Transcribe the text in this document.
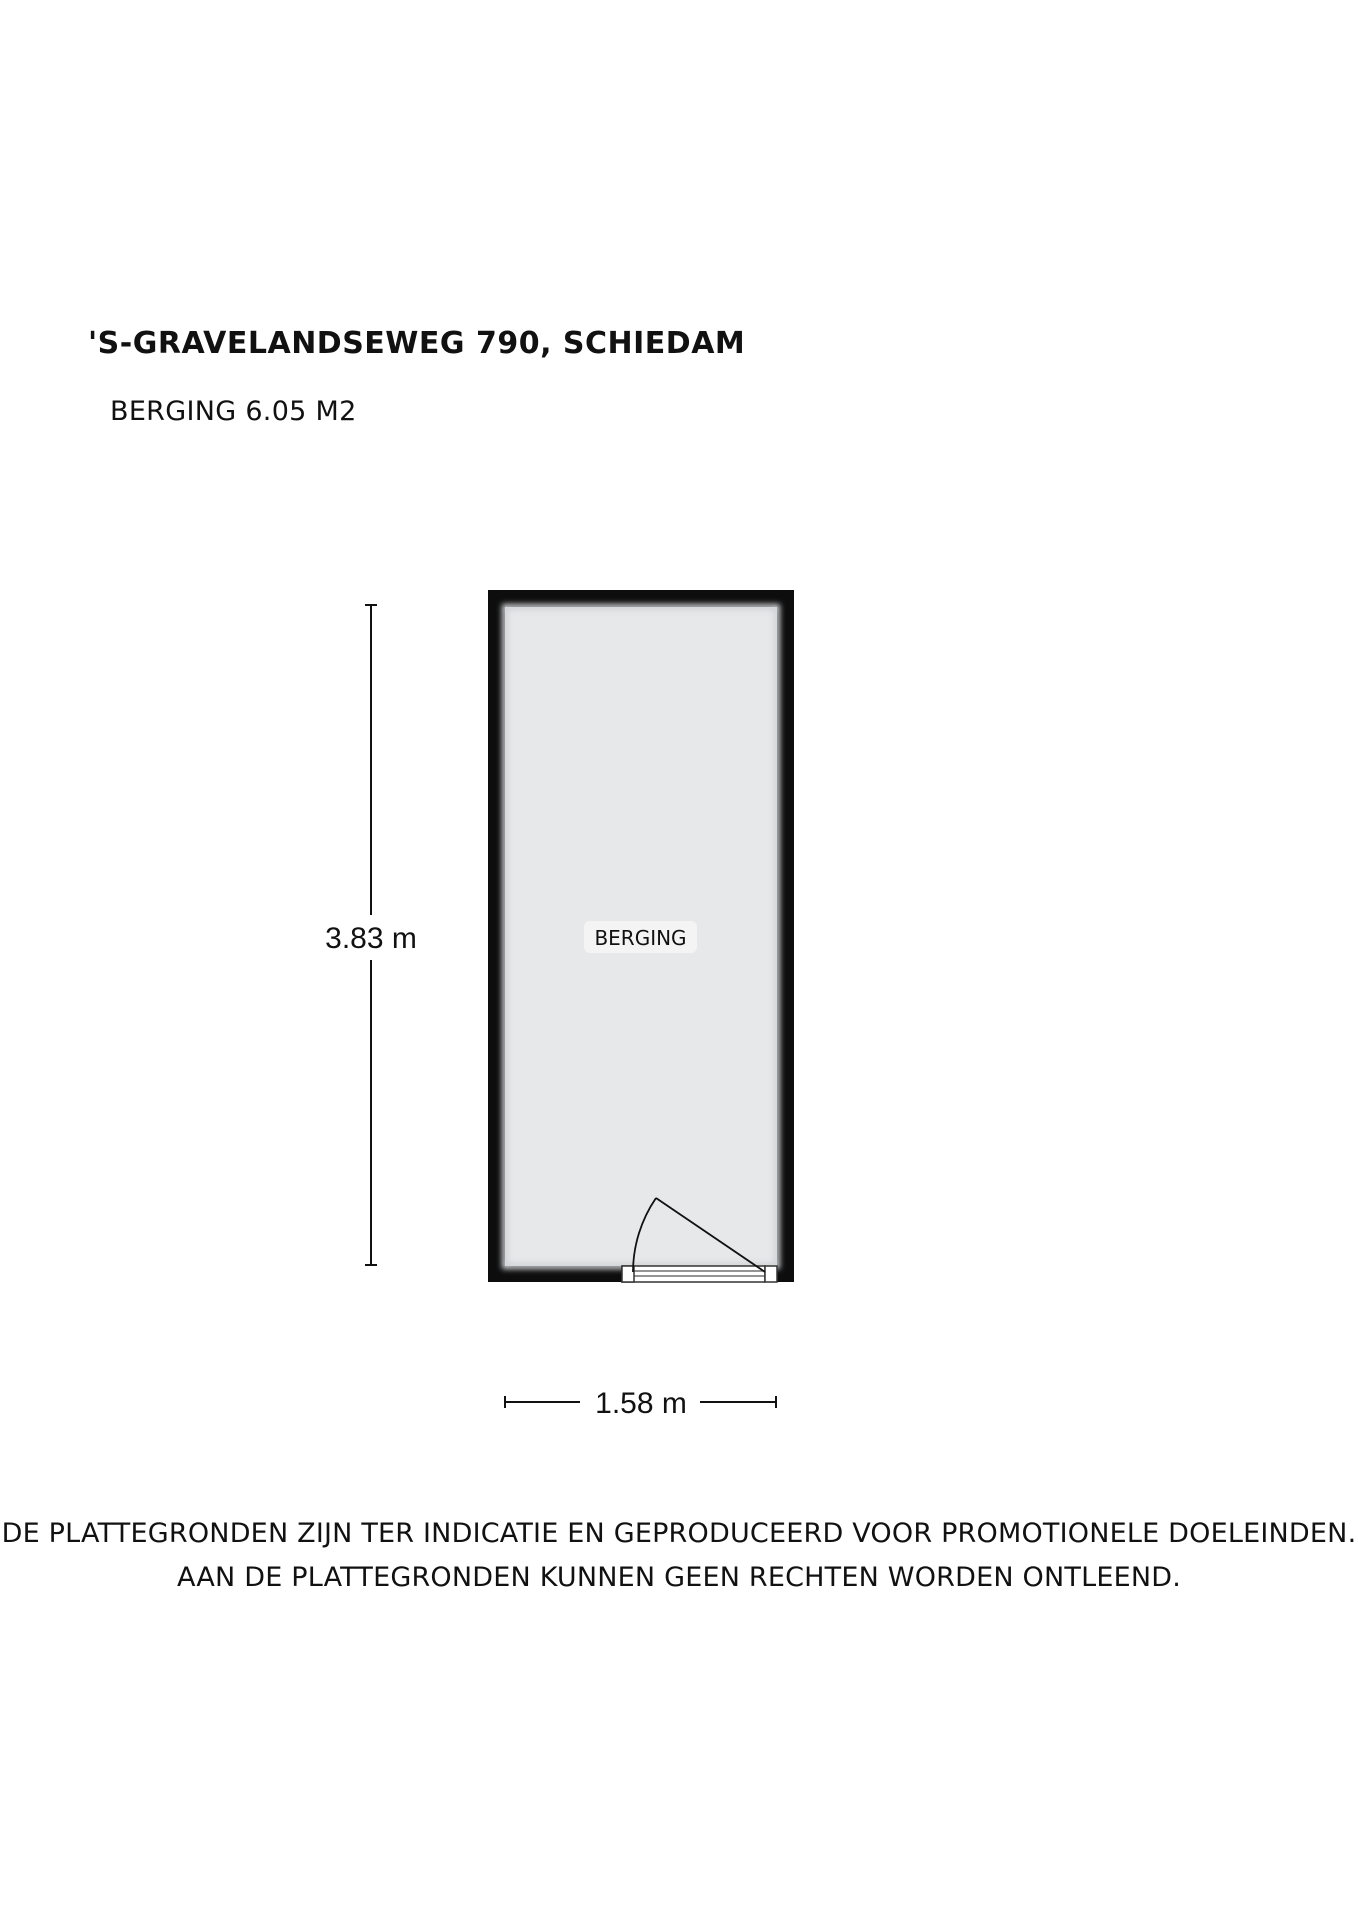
'S-GRAVELANDSEWEG 790, SCHIEDAM
BERGING 6.05 M2
BERGING
3.83 m
1.58 m
DE PLATTEGRONDEN ZIJN TER INDICATIE EN GEPRODUCEERD VOOR PROMOTIONELE DOELEINDEN.
AAN DE PLATTEGRONDEN KUNNEN GEEN RECHTEN WORDEN ONTLEEND.
